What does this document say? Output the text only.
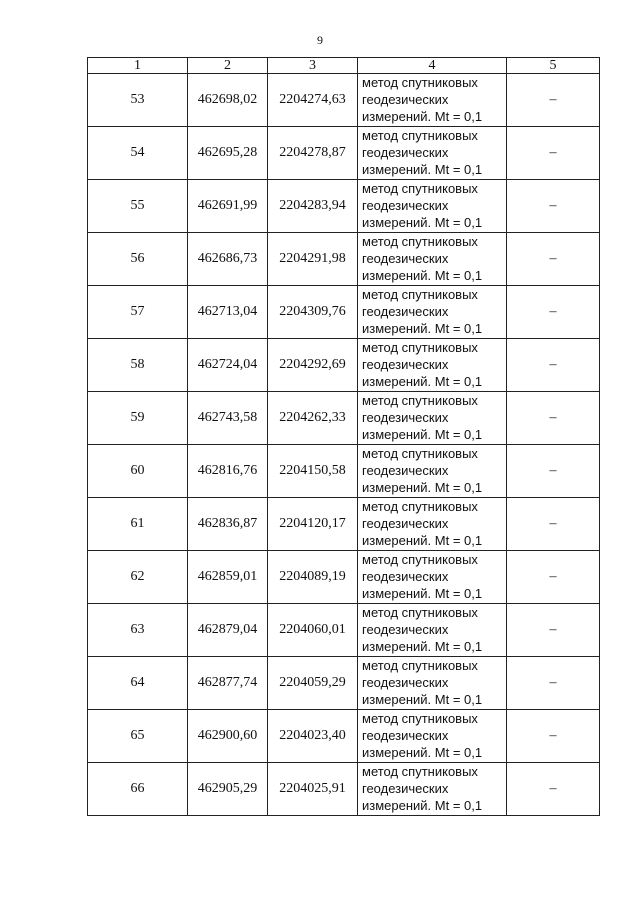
9
1	2	3	4	5
53	462698,02	2204274,63	метод спутниковых
геодезических
измерений. Mt = 0,1	–
54	462695,28	2204278,87	метод спутниковых
геодезических
измерений. Mt = 0,1	–
55	462691,99	2204283,94	метод спутниковых
геодезических
измерений. Mt = 0,1	–
56	462686,73	2204291,98	метод спутниковых
геодезических
измерений. Mt = 0,1	–
57	462713,04	2204309,76	метод спутниковых
геодезических
измерений. Mt = 0,1	–
58	462724,04	2204292,69	метод спутниковых
геодезических
измерений. Mt = 0,1	–
59	462743,58	2204262,33	метод спутниковых
геодезических
измерений. Mt = 0,1	–
60	462816,76	2204150,58	метод спутниковых
геодезических
измерений. Mt = 0,1	–
61	462836,87	2204120,17	метод спутниковых
геодезических
измерений. Mt = 0,1	–
62	462859,01	2204089,19	метод спутниковых
геодезических
измерений. Mt = 0,1	–
63	462879,04	2204060,01	метод спутниковых
геодезических
измерений. Mt = 0,1	–
64	462877,74	2204059,29	метод спутниковых
геодезических
измерений. Mt = 0,1	–
65	462900,60	2204023,40	метод спутниковых
геодезических
измерений. Mt = 0,1	–
66	462905,29	2204025,91	метод спутниковых
геодезических
измерений. Mt = 0,1	–
